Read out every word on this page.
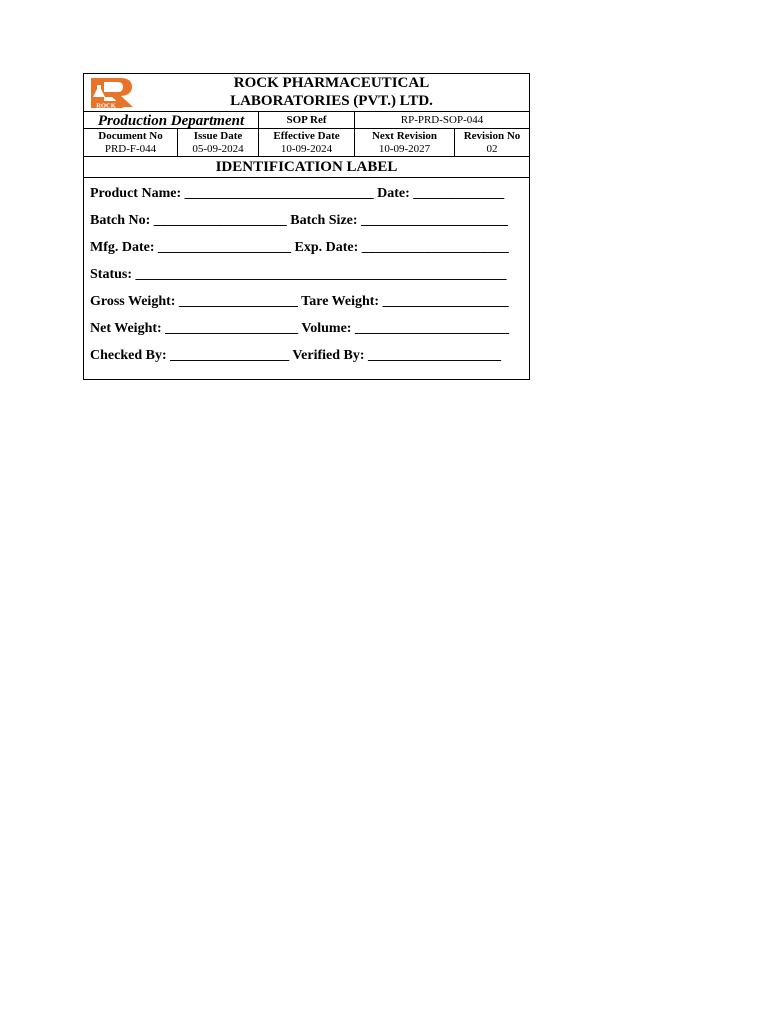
ROCK
ROCK PHARMACEUTICAL
LABORATORIES (PVT.) LTD.
Production Department	SOP Ref	RP-PRD-SOP-044
Document No
PRD-F-044
Issue Date
05-09-2024
Effective Date
10-09-2024
Next Revision
10-09-2027
Revision No
02
IDENTIFICATION LABEL
Product Name: ___________________________ Date: _____________
Batch No: ___________________ Batch Size: _____________________
Mfg. Date: ___________________ Exp. Date: _____________________
Status: _____________________________________________________
Gross Weight: _________________ Tare Weight: __________________
Net Weight: ___________________ Volume: ______________________
Checked By: _________________ Verified By: ___________________
